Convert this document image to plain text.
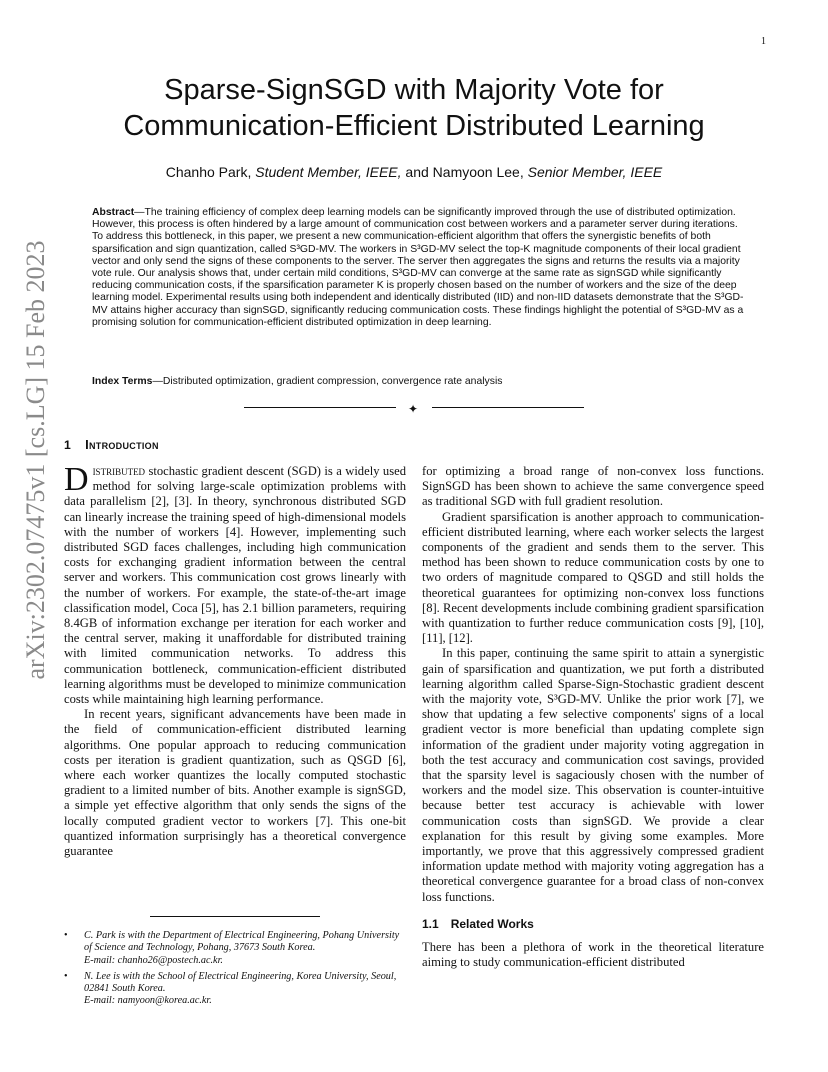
1
arXiv:2302.07475v1 [cs.LG] 15 Feb 2023
Sparse-SignSGD with Majority Vote for
Communication-Efficient Distributed Learning
Chanho Park, Student Member, IEEE, and Namyoon Lee, Senior Member, IEEE
Abstract—The training efficiency of complex deep learning models can be significantly improved through the use of distributed optimization. However, this process is often hindered by a large amount of communication cost between workers and a parameter server during iterations. To address this bottleneck, in this paper, we present a new communication-efficient algorithm that offers the synergistic benefits of both sparsification and sign quantization, called S³GD-MV. The workers in S³GD-MV select the top-K magnitude components of their local gradient vector and only send the signs of these components to the server. The server then aggregates the signs and returns the results via a majority vote rule. Our analysis shows that, under certain mild conditions, S³GD-MV can converge at the same rate as signSGD while significantly reducing communication costs, if the sparsification parameter K is properly chosen based on the number of workers and the size of the deep learning model. Experimental results using both independent and identically distributed (IID) and non-IID datasets demonstrate that the S³GD-MV attains higher accuracy than signSGD, significantly reducing communication costs. These findings highlight the potential of S³GD-MV as a promising solution for communication-efficient distributed optimization in deep learning.
Index Terms—Distributed optimization, gradient compression, convergence rate analysis
✦
1 Introduction

Distributed stochastic gradient descent (SGD) is a widely used method for solving large-scale optimization problems with data parallelism [2], [3]. In theory, synchronous distributed SGD can linearly increase the training speed of high-dimensional models with the number of workers [4]. However, implementing such distributed SGD faces challenges, including high communication costs for exchanging gradient information between the central server and workers. This communication cost grows linearly with the number of workers. For example, the state-of-the-art image classification model, Coca [5], has 2.1 billion parameters, requiring 8.4GB of information exchange per iteration for each worker and the central server, making it unaffordable for distributed training with limited communication networks. To address this communication bottleneck, communication-efficient distributed learning algorithms must be developed to minimize communication costs while maintaining high learning performance.

In recent years, significant advancements have been made in the field of communication-efficient distributed learning algorithms. One popular approach to reducing communication costs per iteration is gradient quantization, such as QSGD [6], where each worker quantizes the locally computed stochastic gradient to a limited number of bits. Another example is signSGD, a simple yet effective algorithm that only sends the signs of the locally computed gradient vector to workers [7]. This one-bit quantized information surprisingly has a theoretical convergence guarantee

for optimizing a broad range of non-convex loss functions. SignSGD has been shown to achieve the same convergence speed as traditional SGD with full gradient resolution.

Gradient sparsification is another approach to communication-efficient distributed learning, where each worker selects the largest components of the gradient and sends them to the server. This method has been shown to reduce communication costs by one to two orders of magnitude compared to QSGD and still holds the theoretical guarantees for optimizing non-convex loss functions [8]. Recent developments include combining gradient sparsification with quantization to further reduce communication costs [9], [10], [11], [12].

In this paper, continuing the same spirit to attain a synergistic gain of sparsification and quantization, we put forth a distributed learning algorithm called Sparse-Sign-Stochastic gradient descent with the majority vote, S³GD-MV. Unlike the prior work [7], we show that updating a few selective components' signs of a local gradient vector is more beneficial than updating complete sign information of the gradient under majority voting aggregation in both the test accuracy and communication cost savings, provided that the sparsity level is sagaciously chosen with the number of workers and the model size. This observation is counter-intuitive because better test accuracy is achievable with lower communication costs than signSGD. We provide a clear explanation for this result by giving some examples. More importantly, we prove that this aggressively compressed gradient information update method with majority voting aggregation has a theoretical convergence guarantee for a broad class of non-convex loss functions.

1.1 Related Works

There has been a plethora of work in the theoretical literature aiming to study communication-efficient distributed

• C. Park is with the Department of Electrical Engineering, Pohang University of Science and Technology, Pohang, 37673 South Korea.
E-mail: chanho26@postech.ac.kr.
• N. Lee is with the School of Electrical Engineering, Korea University, Seoul, 02841 South Korea.
E-mail: namyoon@korea.ac.kr.
